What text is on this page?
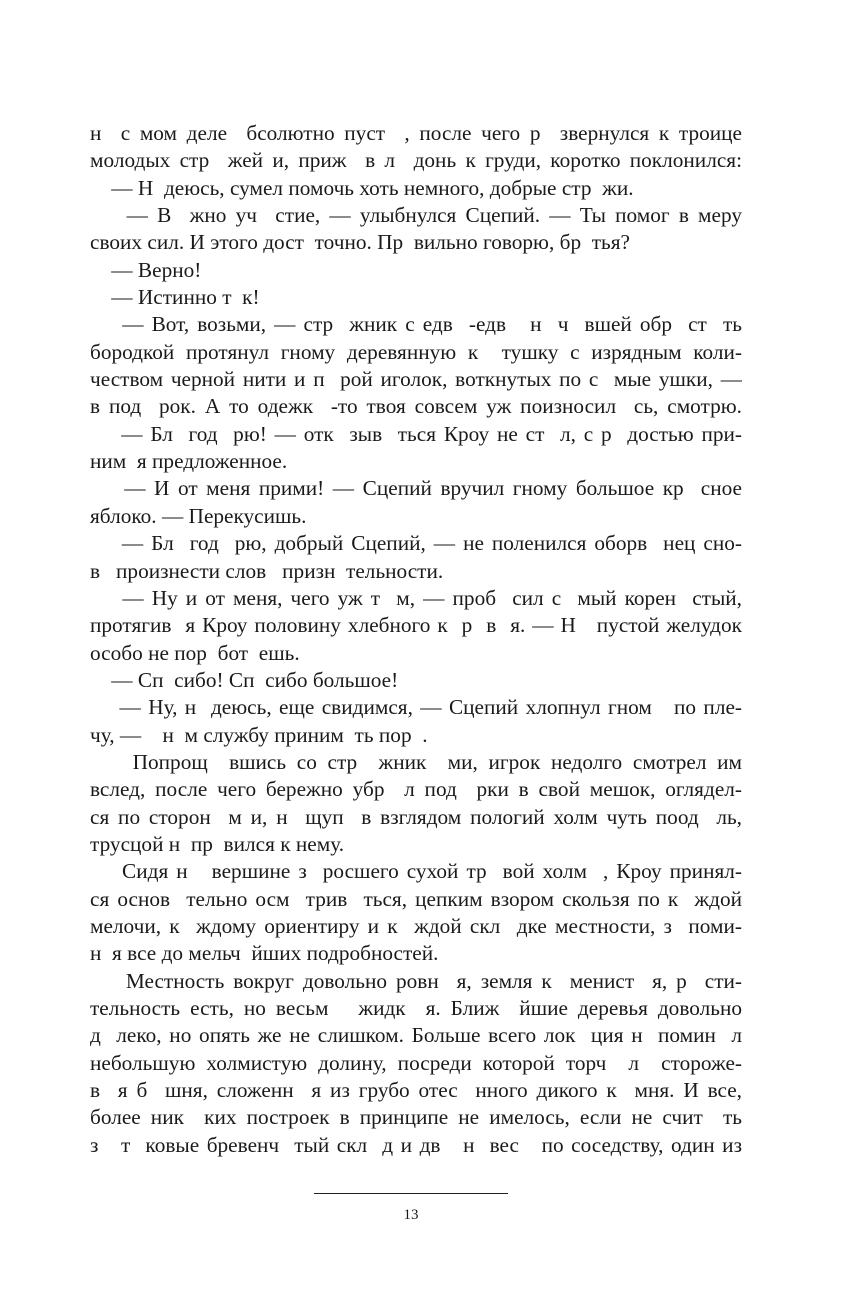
н  с мом деле  бсолютно пуст  , после чего р  звернулся к троице
молодых стр  жей и, приж  в л  донь к груди, коротко поклонился:
— Н  деюсь, сумел помочь хоть немного, добрые стр  жи.
— В  жно уч  стие, — улыбнулся Сцепий. — Ты помог в меру
своих сил. И этого дост  точно. Пр  вильно говорю, бр  тья?
— Верно!
— Истинно т  к!
— Вот, возьми, — стр  жник с едв  -едв   н  ч  вшей обр  ст  ть
бородкой протянул гному деревянную к  тушку с изрядным коли-
чеством черной нити и п  рой иголок, воткнутых по с  мые ушки, —
в под  рок. А то одежк  -то твоя совсем уж поизносил  сь, смотрю.
— Бл  год  рю! — отк  зыв  ться Кроу не ст  л, с р  достью при-
ним  я предложенное.
— И от меня прими! — Сцепий вручил гному большое кр  сное
яблоко. — Перекусишь.
— Бл  год  рю, добрый Сцепий, — не поленился оборв  нец сно-
в   произнести слов   призн  тельности.
— Ну и от меня, чего уж т  м, — проб  сил с  мый корен  стый,
протягив  я Кроу половину хлебного к  р  в  я. — Н   пустой желудок
особо не пор  бот  ешь.
— Сп  сибо! Сп  сибо большое!
— Ну, н  деюсь, еще свидимся, — Сцепий хлопнул гном   по пле-
чу, —    н  м службу приним  ть пор  .
Попрощ  вшись со стр  жник  ми, игрок недолго смотрел им
вслед, после чего бережно убр  л под  рки в свой мешок, оглядел-
ся по сторон  м и, н  щуп  в взглядом пологий холм чуть поод  ль,
трусцой н  пр  вился к нему.
Сидя н   вершине з  росшего сухой тр  вой холм  , Кроу принял-
ся основ  тельно осм  трив  ться, цепким взором скользя по к  ждой
мелочи, к  ждому ориентиру и к  ждой скл  дке местности, з  поми-
н  я все до мельч  йших подробностей.
Местность вокруг довольно ровн  я, земля к  менист  я, р  сти-
тельность есть, но весьм   жидк  я. Ближ  йшие деревья довольно
д  леко, но опять же не слишком. Больше всего лок  ция н  помин  л
небольшую холмистую долину, посреди которой торч  л  стороже-
в  я б  шня, сложенн  я из грубо отес  нного дикого к  мня. И все,
более ник  ких построек в принципе не имелось, если не счит  ть
з   т  ковые бревенч  тый скл  д и дв   н  вес   по соседству, один из
13
